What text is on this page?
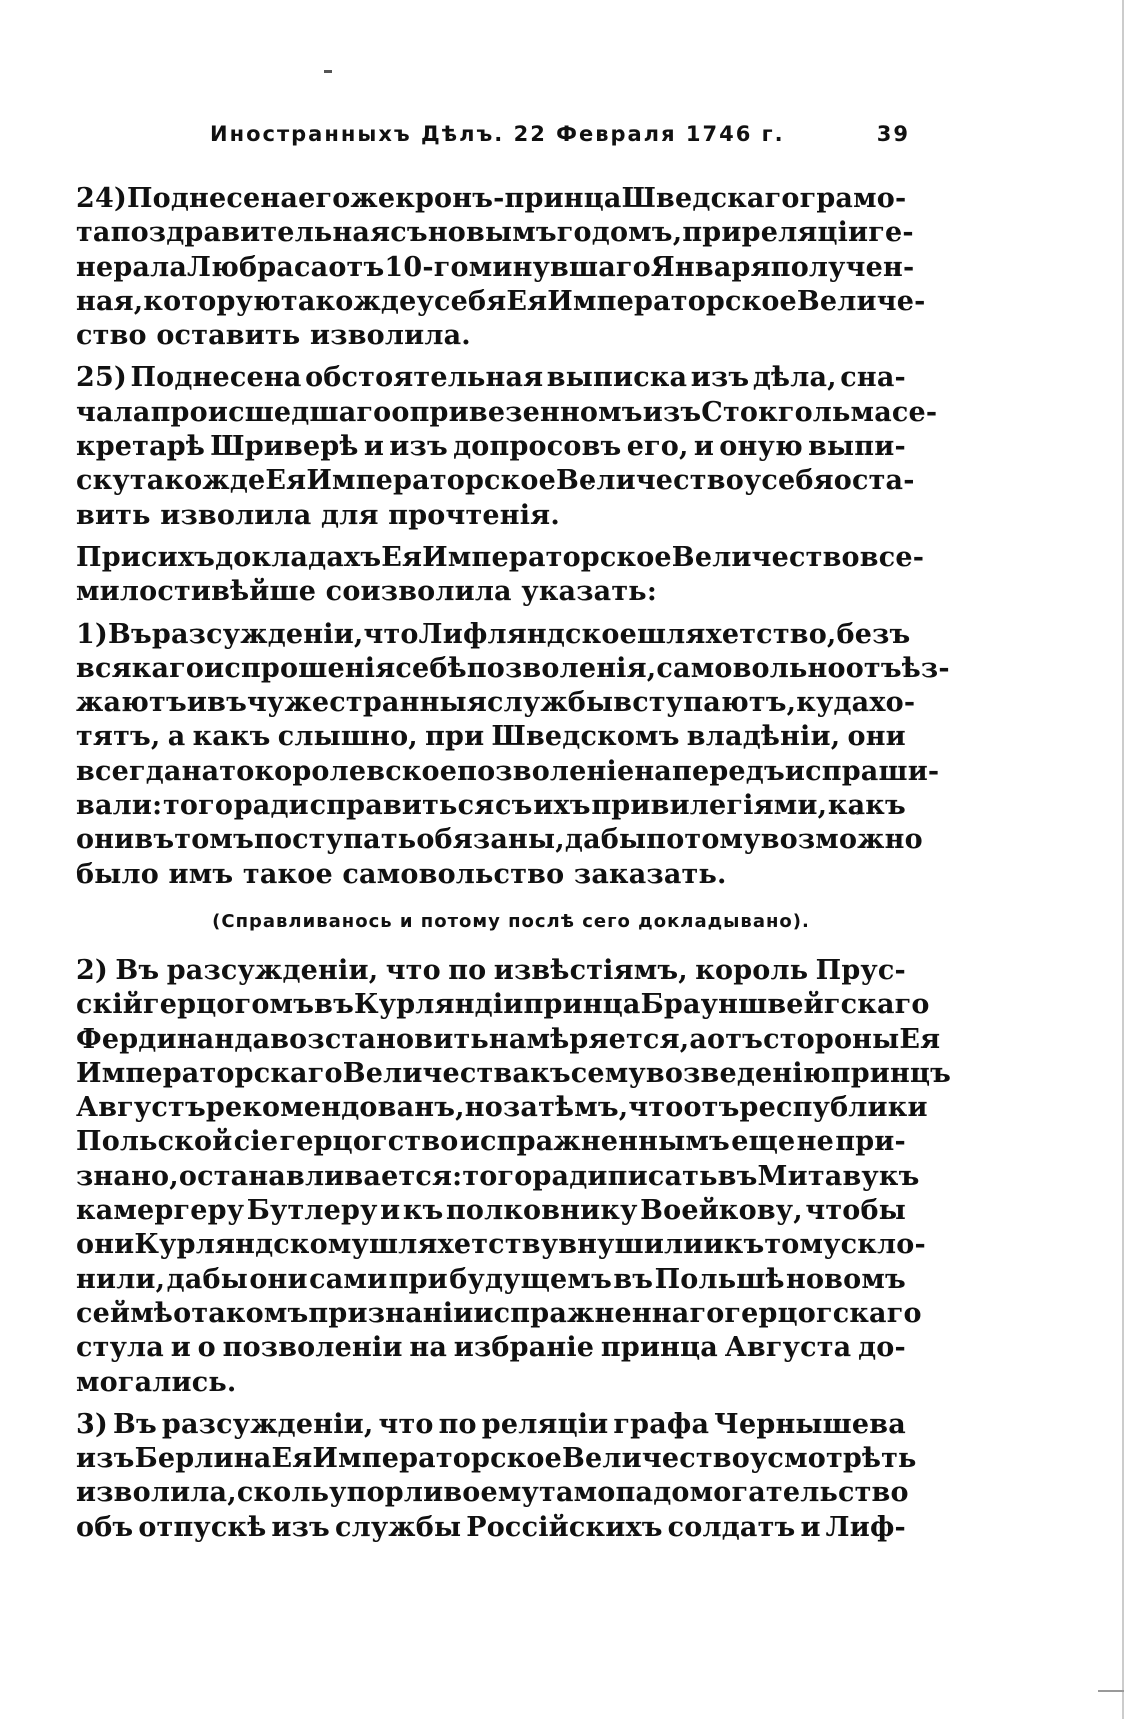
Иностранныхъ Дѣлъ. 22 Февраля 1746 г.	39
24) Поднесена его же кронъ-принца Шведскаго грамо-
та поздравительная съ новымъ годомъ, при реляціи ге-
нерала Любраса отъ 10-го минувшаго Января получен-
ная, которую такожде у себя Ея Императорское Величе-
ство оставить изволила.
25) Поднесена обстоятельная выписка изъ дѣла, сна-
чала происшедшаго о привезенномъ изъ Стокгольма се-
кретарѣ Шриверѣ и изъ допросовъ его, и оную выпи-
ску такожде Ея Императорское Величество у себя оста-
вить изволила для прочтенія.
При сихъ докладахъ Ея Императорское Величество все-
милостивѣйше соизволила указать:
1) Въ разсужденіи, что Лифляндское шляхетство, безъ
всякаго испрошенія себѣ позволенія, самовольно отъѣз-
жаютъ и въ чужестранныя службы вступаютъ, куда хо-
тятъ, а какъ слышно, при Шведскомъ владѣніи, они
всегда на то королевское позволеніе напередъ испраши-
вали: того ради справиться съ ихъ привилегіями, какъ
они въ томъ поступать обязаны, дабы по тому возможно
было имъ такое самовольство заказать.
(Справливанось и потому послѣ сего докладывано).
2) Въ разсужденіи, что по извѣстіямъ, король Прус-
скій герцогомъ въ Курляндіи принца Брауншвейгскаго
Фердинанда возстановить намѣряется, а отъ стороны Ея
Императорскаго Величества къ сему возведенію принцъ
Августъ рекомендованъ, но затѣмъ, что отъ республики
Польской сіе герцогство испражненнымъ еще не при-
знано, останавливается: того ради писать въ Митаву къ
камергеру Бутлеру и къ полковнику Воейкову, чтобы
они Курляндскому шляхетству внушили и къ тому скло-
нили, дабы они сами при будущемъ въ Польшѣ новомъ
сеймѣ о такомъ признаніи испражненнаго герцогскаго
стула и о позволеніи на избраніе принца Августа до-
могались.
3) Въ разсужденіи, что по реляціи графа Чернышева
изъ Берлина Ея Императорское Величество усмотрѣть
изволила, сколь упорливо ему тамо па домогательство
объ отпускѣ изъ службы Россійскихъ солдатъ и Лиф-
